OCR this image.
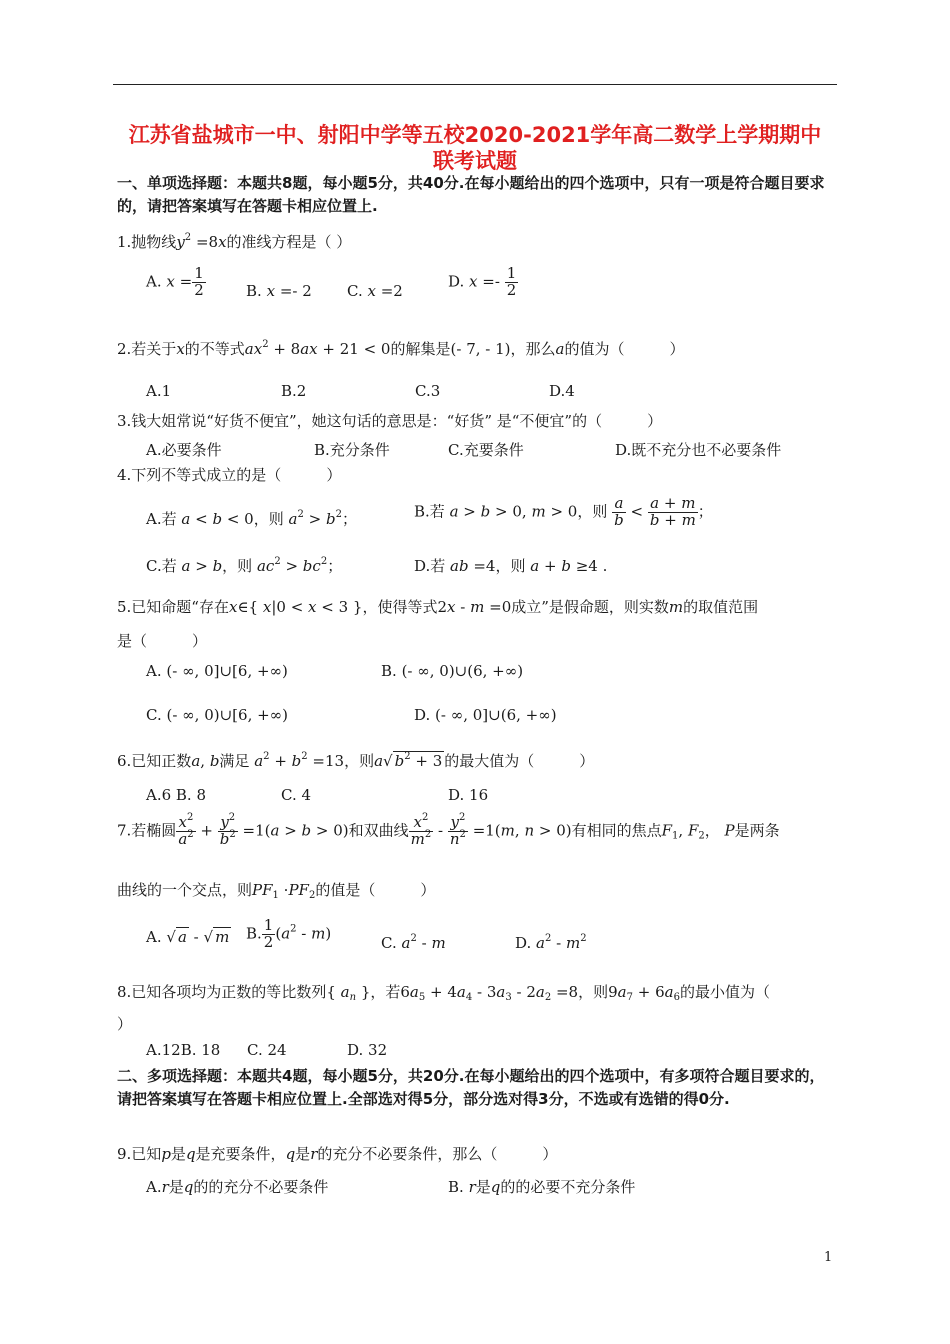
江苏省盐城市一中、射阳中学等五校2020-2021学年高二数学上学期期中
联考试题
一、单项选择题：本题共8题，每小题5分，共40分.在每小题给出的四个选项中，只有一项是符合题目要求的，请把答案填写在答题卡相应位置上.
1.抛物线$y^2 =8x$的准线方程是（ ）
A. $x = \frac{1}{2}$	B. x =- 2 C. x =2
D. $x =- \frac{1}{2}$
2.若关于x的不等式$ax^2 + 8ax + 21 < 0$的解集是(- 7, - 1)，那么a的值为（　　　）
A.1	B.2	C.3	D.4
3.钱大姐常说“好货不便宜”，她这句话的意思是：“好货” 是“不便宜”的（　　　）
A.必要条件	B.充分条件	C.充要条件	D.既不充分也不必要条件
4.下列不等式成立的是（　　　）
A.若 a < b < 0，则 $a^2 > b^2$；	B.若 a > b > 0, m > 0，则 $\frac{a}{b} < \frac{a + m}{b + m}$ ；
C.若 a > b，则 $ac^2 > bc^2$；	D.若 ab =4，则 a + b ≥4 .
5.已知命题“存在x∈{ x|0 < x < 3 }，使得等式2x - m =0成立”是假命题，则实数m的取值范围
是（　　　）
A. (- ∞, 0]∪[6, +∞)	B. (- ∞, 0)∪(6, +∞)
C. (- ∞, 0)∪[6, +∞)	D. (- ∞, 0]∪(6, +∞)
6.已知正数a, b满足 $a^2 + b^2 =13$，则a√ $b^2 + 3$ 的最大值为（　　　）
A.6 B. 8	C. 4	D. 16
7.若椭圆 $\frac{x^2}{a^2} + \frac{y^2}{b^2} =1(a > b > 0)$和双曲线 $\frac{x^2}{m^2} - \frac{y^2}{n^2} =1(m$, n > 0)有相同的焦点$F_1$, $F_2$， P是两条
曲线的一个交点，则$PF_1 \cdot PF_2$的值是（　　　）
A. √ a - √ m B. $\frac{1}{2} (a^2 - m)$
C. $a^2$ - m	D. $a^2 - m^2$
8.已知各项均为正数的等比数列{ $a_n$ }，若$6a_5 + 4a_4 - 3a_3 - 2a_2 =8$，则$9a_7 + 6a_6$的最小值为（
）
A.12B. 18 C. 24	D. 32
二、多项选择题：本题共4题，每小题5分，共20分.在每小题给出的四个选项中，有多项符合题目要求的，请把答案填写在答题卡相应位置上.全部选对得5分，部分选对得3分，不选或有选错的得0分.
9.已知p是q是充要条件，q是r的充分不必要条件，那么（　　　）
A.r是q的的充分不必要条件	B. r是q的的必要不充分条件
1
